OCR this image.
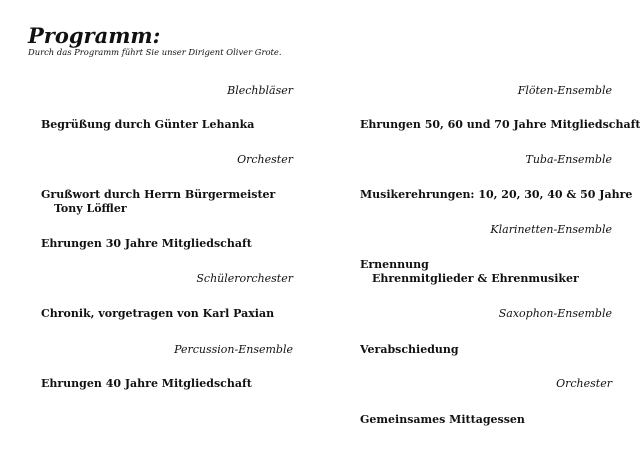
Programm:
Durch das Programm führt Sie unser Dirigent Oliver Grote.
Blechbläser
Begrüßung durch Günter Lehanka
Orchester
Grußwort durch Herrn Bürgermeister
Tony Löffler
Ehrungen 30 Jahre Mitgliedschaft
Schülerorchester
Chronik, vorgetragen von Karl Paxian
Percussion-Ensemble
Ehrungen 40 Jahre Mitgliedschaft
Flöten-Ensemble
Ehrungen 50, 60 und 70 Jahre Mitgliedschaft
Tuba-Ensemble
Musikerehrungen: 10, 20, 30, 40 & 50 Jahre
Klarinetten-Ensemble
Ernennung
Ehrenmitglieder & Ehrenmusiker
Saxophon-Ensemble
Verabschiedung
Orchester
Gemeinsames Mittagessen
